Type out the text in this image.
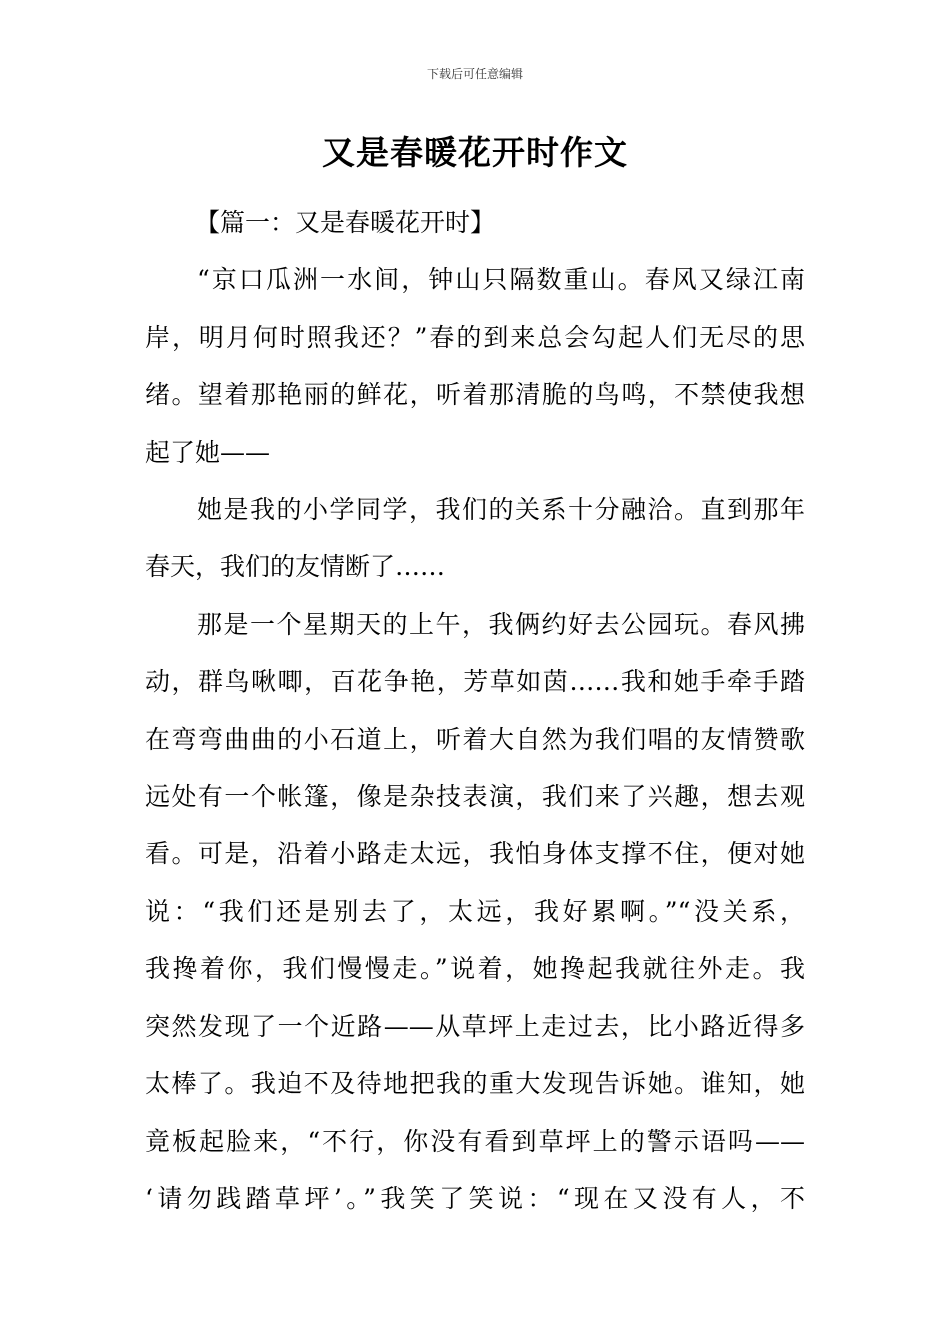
下载后可任意编辑
又是春暖花开时作文

【篇一：又是春暖花开时】

“京口瓜洲一水间，钟山只隔数重山。春风又绿江南
岸，明月何时照我还？”春的到来总会勾起人们无尽的思
绪。望着那艳丽的鲜花，听着那清脆的鸟鸣，不禁使我想
起了她——
她是我的小学同学，我们的关系十分融洽。直到那年
春天，我们的友情断了……
那是一个星期天的上午，我俩约好去公园玩。春风拂
动，群鸟啾唧，百花争艳，芳草如茵……我和她手牵手踏
在弯弯曲曲的小石道上，听着大自然为我们唱的友情赞歌
远处有一个帐篷，像是杂技表演，我们来了兴趣，想去观
看。可是，沿着小路走太远，我怕身体支撑不住，便对她
说：“我们还是别去了，太远，我好累啊。”“没关系，
我搀着你，我们慢慢走。”说着，她搀起我就往外走。我
突然发现了一个近路——从草坪上走过去，比小路近得多
太棒了。我迫不及待地把我的重大发现告诉她。谁知，她
竟板起脸来，“不行，你没有看到草坪上的警示语吗——
‘请勿践踏草坪’。”我笑了笑说：“现在又没有人，不
